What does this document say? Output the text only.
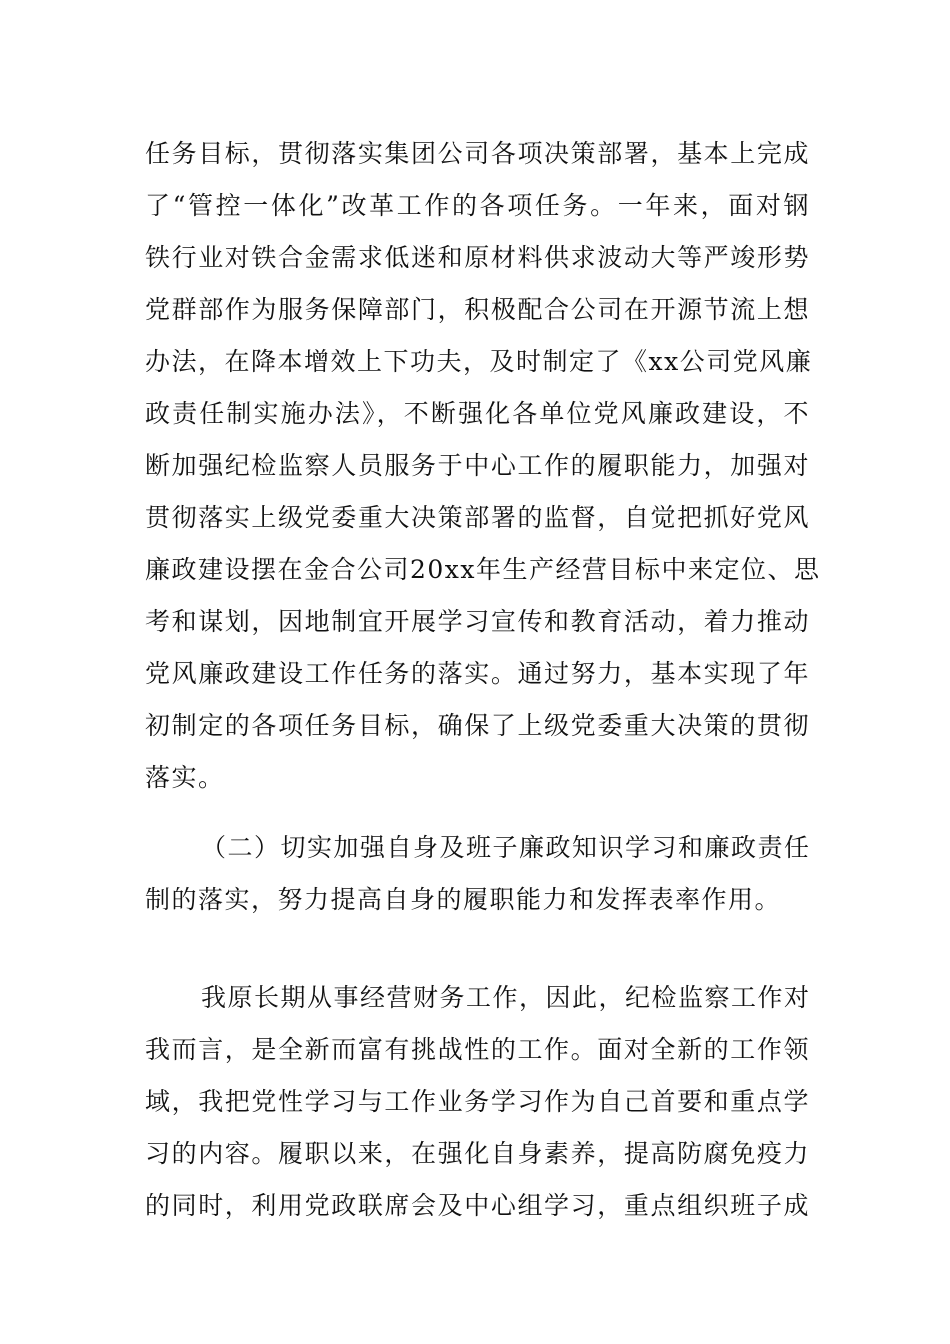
任务目标，贯彻落实集团公司各项决策部署，基本上完成
了“管控一体化”改革工作的各项任务。一年来，面对钢
铁行业对铁合金需求低迷和原材料供求波动大等严竣形势
党群部作为服务保障部门，积极配合公司在开源节流上想
办法，在降本增效上下功夫，及时制定了《xx公司党风廉
政责任制实施办法》，不断强化各单位党风廉政建设，不
断加强纪检监察人员服务于中心工作的履职能力，加强对
贯彻落实上级党委重大决策部署的监督，自觉把抓好党风
廉政建设摆在金合公司20xx年生产经营目标中来定位、思
考和谋划，因地制宜开展学习宣传和教育活动，着力推动
党风廉政建设工作任务的落实。通过努力，基本实现了年
初制定的各项任务目标，确保了上级党委重大决策的贯彻
落实。
（二）切实加强自身及班子廉政知识学习和廉政责任
制的落实，努力提高自身的履职能力和发挥表率作用。
我原长期从事经营财务工作，因此，纪检监察工作对
我而言，是全新而富有挑战性的工作。面对全新的工作领
域，我把党性学习与工作业务学习作为自己首要和重点学
习的内容。履职以来，在强化自身素养，提高防腐免疫力
的同时，利用党政联席会及中心组学习，重点组织班子成
